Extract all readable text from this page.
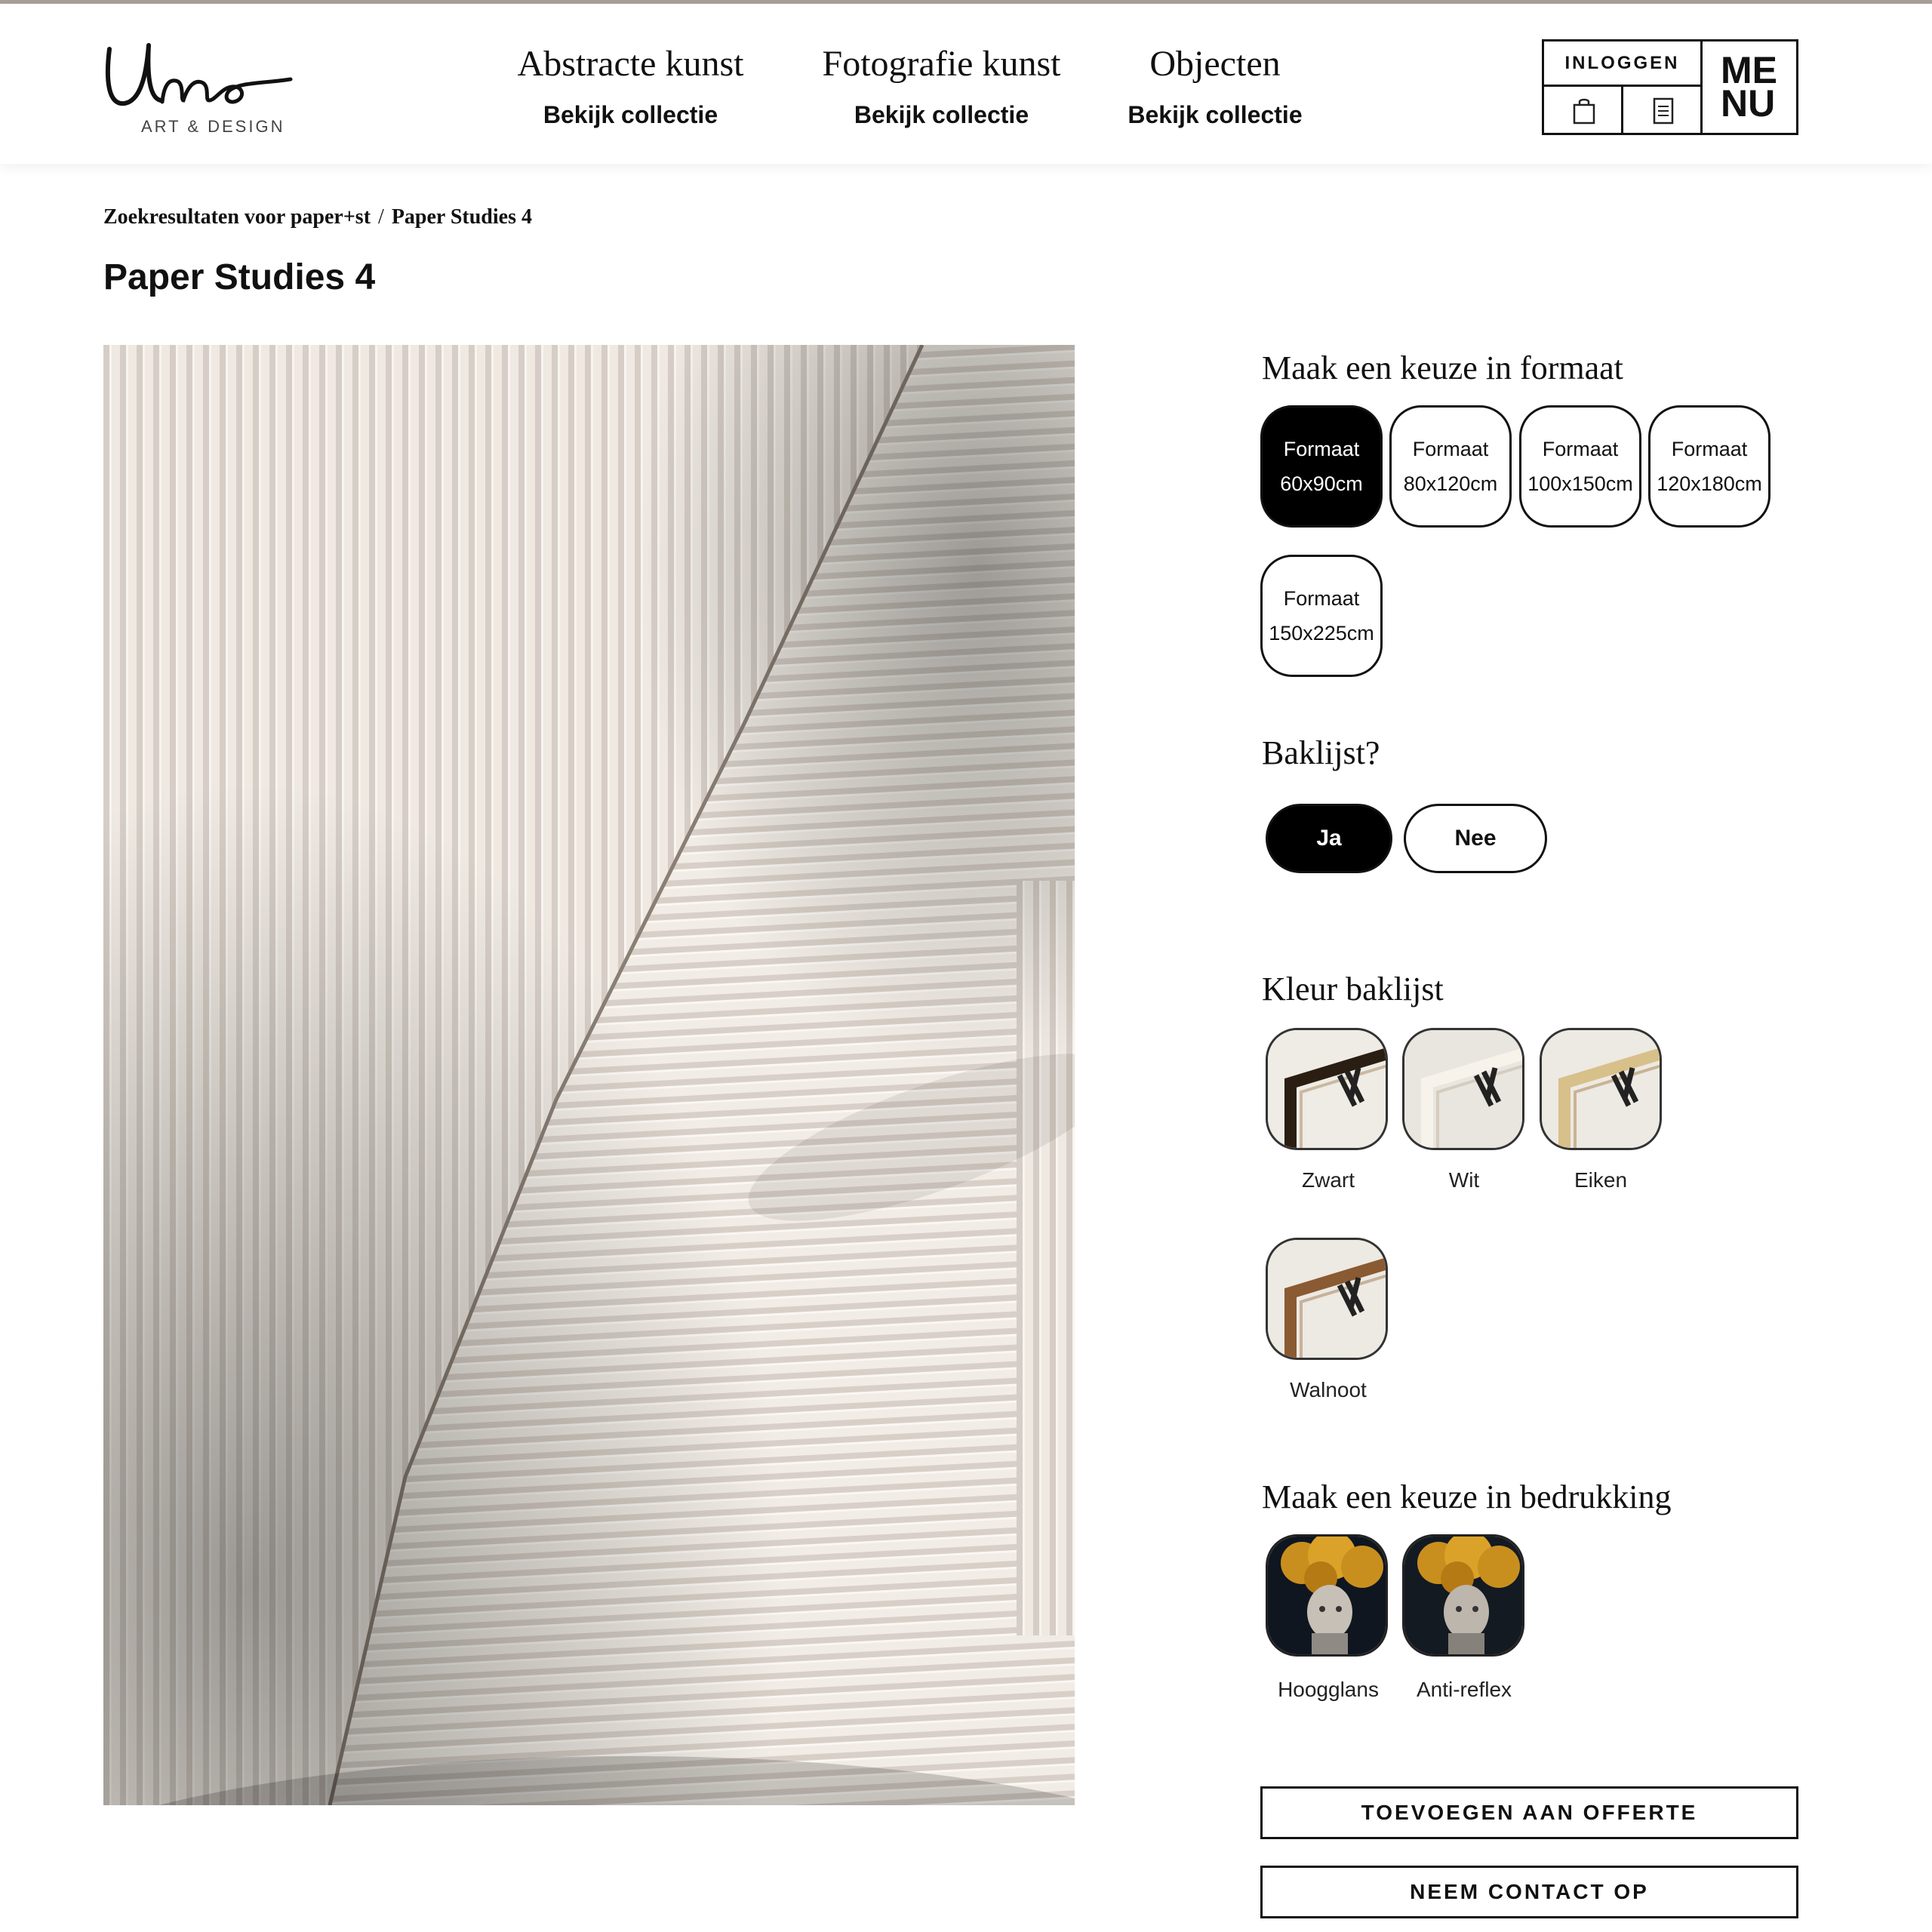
ART & DESIGN
Abstracte kunst
Bekijk collectie
Fotografie kunst
Bekijk collectie
Objecten
Bekijk collectie
INLOGGEN	ME
NU
Zoekresultaten voor paper+st / Paper Studies 4
Paper Studies 4
Maak een keuze in formaat
Formaat
60x90cm
Formaat
80x120cm
Formaat
100x150cm
Formaat
120x180cm
Formaat
150x225cm
Baklijst?
Ja	Nee
Kleur baklijst
Zwart	Wit	Eiken
Walnoot
Maak een keuze in bedrukking
Hoogglans	Anti-reflex
TOEVOEGEN AAN OFFERTE
NEEM CONTACT OP
